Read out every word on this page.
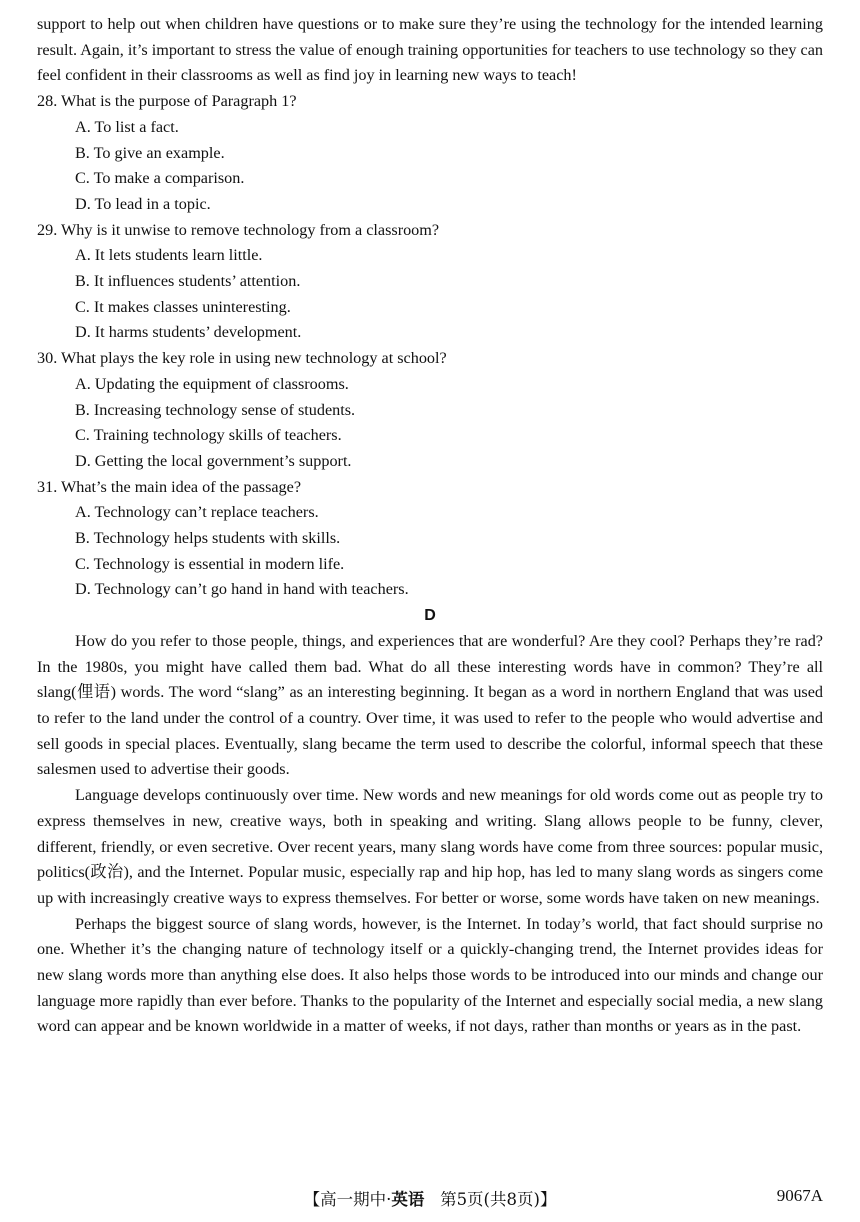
support to help out when children have questions or to make sure they’re using the technology for the intended learning result. Again, it’s important to stress the value of enough training opportunities for teachers to use technology so they can feel confident in their classrooms as well as find joy in learning new ways to teach!

28. What is the purpose of Paragraph 1?

A. To list a fact.

B. To give an example.

C. To make a comparison.

D. To lead in a topic.

29. Why is it unwise to remove technology from a classroom?

A. It lets students learn little.

B. It influences students’ attention.

C. It makes classes uninteresting.

D. It harms students’ development.

30. What plays the key role in using new technology at school?

A. Updating the equipment of classrooms.

B. Increasing technology sense of students.

C. Training technology skills of teachers.

D. Getting the local government’s support.

31. What’s the main idea of the passage?

A. Technology can’t replace teachers.

B. Technology helps students with skills.

C. Technology is essential in modern life.

D. Technology can’t go hand in hand with teachers.

D

How do you refer to those people, things, and experiences that are wonderful? Are they cool? Perhaps they’re rad? In the 1980s, you might have called them bad. What do all these interesting words have in common? They’re all slang(俚语) words. The word “slang” as an interesting beginning. It began as a word in northern England that was used to refer to the land under the control of a country. Over time, it was used to refer to the people who would advertise and sell goods in special places. Eventually, slang became the term used to describe the colorful, informal speech that these salesmen used to advertise their goods.

Language develops continuously over time. New words and new meanings for old words come out as people try to express themselves in new, creative ways, both in speaking and writing. Slang allows people to be funny, clever, different, friendly, or even secretive. Over recent years, many slang words have come from three sources: popular music, politics(政治), and the Internet. Popular music, especially rap and hip hop, has led to many slang words as singers come up with increasingly creative ways to express themselves. For better or worse, some words have taken on new meanings.

Perhaps the biggest source of slang words, however, is the Internet. In today’s world, that fact should surprise no one. Whether it’s the changing nature of technology itself or a quickly-changing trend, the Internet provides ideas for new slang words more than anything else does. It also helps those words to be introduced into our minds and change our language more rapidly than ever before. Thanks to the popularity of the Internet and especially social media, a new slang word can appear and be known worldwide in a matter of weeks, if not days, rather than months or years as in the past.

【高一期中·英语 第5页(共8页)】	9067A
